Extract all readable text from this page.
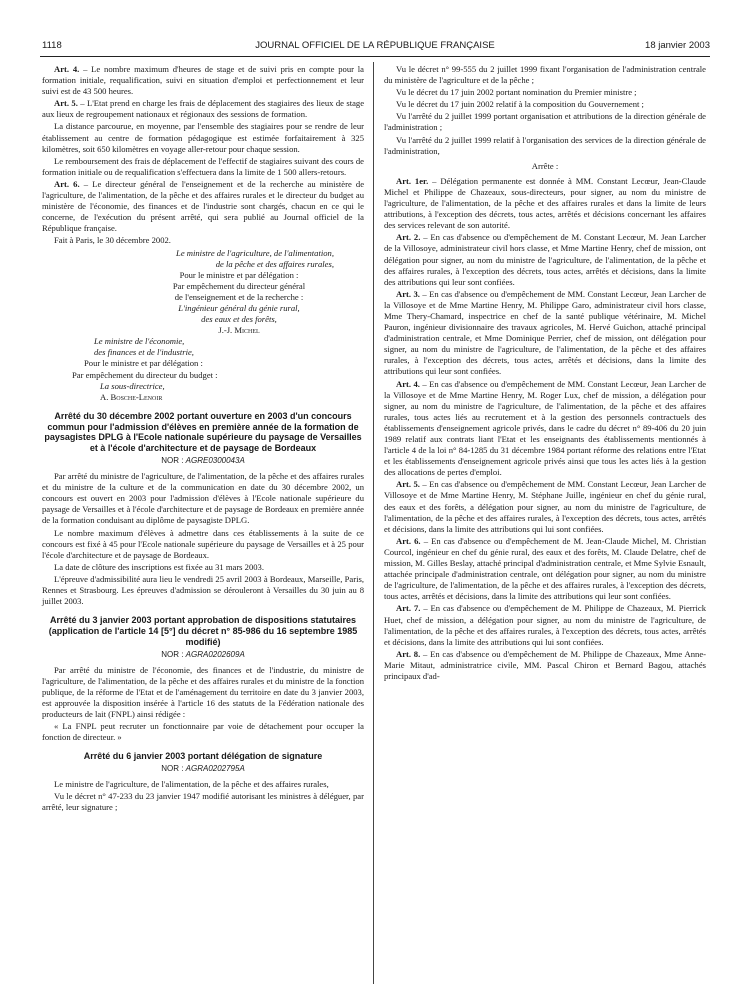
1118	JOURNAL OFFICIEL DE LA RÉPUBLIQUE FRANÇAISE	18 janvier 2003

Art. 4. – Le nombre maximum d'heures de stage et de suivi pris en compte pour la formation initiale, requalification, suivi en situation d'emploi et perfectionnement et leur suivi est de 43 500 heures.

Art. 5. – L'Etat prend en charge les frais de déplacement des stagiaires des lieux de stage aux lieux de regroupement nationaux et régionaux des sessions de formation.

La distance parcourue, en moyenne, par l'ensemble des stagiaires pour se rendre de leur établissement au centre de formation pédagogique est estimée forfaitairement à 325 kilomètres, soit 650 kilomètres en voyage aller-retour pour chaque session.

Le remboursement des frais de déplacement de l'effectif de stagiaires suivant des cours de formation initiale ou de requalification s'effectuera dans la limite de 1 500 allers-retours.

Art. 6. – Le directeur général de l'enseignement et de la recherche au ministère de l'agriculture, de l'alimentation, de la pêche et des affaires rurales et le directeur du budget au ministère de l'économie, des finances et de l'industrie sont chargés, chacun en ce qui le concerne, de l'exécution du présent arrêté, qui sera publié au Journal officiel de la République française.

Fait à Paris, le 30 décembre 2002.

Le ministre de l'agriculture, de l'alimentation,

de la pêche et des affaires rurales,

Pour le ministre et par délégation :

Par empêchement du directeur général

de l'enseignement et de la recherche :

L'ingénieur général du génie rural,

des eaux et des forêts,

J.-J. Michel

Le ministre de l'économie,

des finances et de l'industrie,

Pour le ministre et par délégation :

Par empêchement du directeur du budget :

La sous-directrice,

A. Bosche-Lenoir

Arrêté du 30 décembre 2002 portant ouverture en 2003 d'un concours commun pour l'admission d'élèves en première année de la formation de paysagistes DPLG à l'Ecole nationale supérieure du paysage de Versailles et à l'école d'architecture et de paysage de Bordeaux
NOR : AGRE0300043A

Par arrêté du ministre de l'agriculture, de l'alimentation, de la pêche et des affaires rurales et du ministre de la culture et de la communication en date du 30 décembre 2002, un concours est ouvert en 2003 pour l'admission d'élèves à l'Ecole nationale supérieure du paysage de Versailles et à l'école d'architecture et de paysage de Bordeaux en première année de la formation conduisant au diplôme de paysagiste DPLG.

Le nombre maximum d'élèves à admettre dans ces établissements à la suite de ce concours est fixé à 45 pour l'Ecole nationale supérieure du paysage de Versailles et à 25 pour l'école d'architecture et de paysage de Bordeaux.

La date de clôture des inscriptions est fixée au 31 mars 2003.

L'épreuve d'admissibilité aura lieu le vendredi 25 avril 2003 à Bordeaux, Marseille, Paris, Rennes et Strasbourg. Les épreuves d'admission se dérouleront à Versailles du 30 juin au 8 juillet 2003.

Arrêté du 3 janvier 2003 portant approbation de dispositions statutaires (application de l'article 14 [5°] du décret n° 85-986 du 16 septembre 1985 modifié)
NOR : AGRA0202609A

Par arrêté du ministre de l'économie, des finances et de l'industrie, du ministre de l'agriculture, de l'alimentation, de la pêche et des affaires rurales et du ministre de la fonction publique, de la réforme de l'Etat et de l'aménagement du territoire en date du 3 janvier 2003, est approuvée la disposition insérée à l'article 16 des statuts de la Fédération nationale des producteurs de lait (FNPL) ainsi rédigée :

« La FNPL peut recruter un fonctionnaire par voie de détachement pour occuper la fonction de directeur. »

Arrêté du 6 janvier 2003 portant délégation de signature
NOR : AGRA0202795A

Le ministre de l'agriculture, de l'alimentation, de la pêche et des affaires rurales,

Vu le décret n° 47-233 du 23 janvier 1947 modifié autorisant les ministres à déléguer, par arrêté, leur signature ;

Vu le décret n° 99-555 du 2 juillet 1999 fixant l'organisation de l'administration centrale du ministère de l'agriculture et de la pêche ;

Vu le décret du 17 juin 2002 portant nomination du Premier ministre ;

Vu le décret du 17 juin 2002 relatif à la composition du Gouvernement ;

Vu l'arrêté du 2 juillet 1999 portant organisation et attributions de la direction générale de l'administration ;

Vu l'arrêté du 2 juillet 1999 relatif à l'organisation des services de la direction générale de l'administration,

Arrête :

Art. 1er. – Délégation permanente est donnée à MM. Constant Lecœur, Jean-Claude Michel et Philippe de Chazeaux, sous-directeurs, pour signer, au nom du ministre de l'agriculture, de l'alimentation, de la pêche et des affaires rurales et dans la limite de leurs attributions, à l'exception des décrets, tous actes, arrêtés et décisions concernant les affaires des services relevant de son autorité.

Art. 2. – En cas d'absence ou d'empêchement de M. Constant Lecœur, M. Jean Larcher de la Villosoye, administrateur civil hors classe, et Mme Martine Henry, chef de mission, ont délégation pour signer, au nom du ministre de l'agriculture, de l'alimentation, de la pêche et des affaires rurales, à l'exception des décrets, tous actes, arrêtés et décisions, dans la limite des attributions qui leur sont confiées.

Art. 3. – En cas d'absence ou d'empêchement de MM. Constant Lecœur, Jean Larcher de la Villosoye et de Mme Martine Henry, M. Philippe Garo, administrateur civil hors classe, Mme Thery-Chamard, inspectrice en chef de la santé publique vétérinaire, M. Michel Pauron, ingénieur divisionnaire des travaux agricoles, M. Hervé Guichon, attaché principal d'administration centrale, et Mme Dominique Perrier, chef de mission, ont délégation pour signer, au nom du ministre de l'agriculture, de l'alimentation, de la pêche et des affaires rurales, à l'exception des décrets, tous actes, arrêtés et décisions, dans la limite des attributions qui leur sont confiées.

Art. 4. – En cas d'absence ou d'empêchement de MM. Constant Lecœur, Jean Larcher de la Villosoye et de Mme Martine Henry, M. Roger Lux, chef de mission, a délégation pour signer, au nom du ministre de l'agriculture, de l'alimentation, de la pêche et des affaires rurales, tous actes liés au recrutement et à la gestion des personnels contractuels des établissements d'enseignement agricole privés, dans le cadre du décret n° 89-406 du 20 juin 1989 relatif aux contrats liant l'Etat et les enseignants des établissements mentionnés à l'article 4 de la loi n° 84-1285 du 31 décembre 1984 portant réforme des relations entre l'Etat et les établissements d'enseignement agricole privés ainsi que tous les actes liés à la gestion des allocations de pertes d'emploi.

Art. 5. – En cas d'absence ou d'empêchement de MM. Constant Lecœur, Jean Larcher de Villosoye et de Mme Martine Henry, M. Stéphane Juille, ingénieur en chef du génie rural, des eaux et des forêts, a délégation pour signer, au nom du ministre de l'agriculture, de l'alimentation, de la pêche et des affaires rurales, à l'exception des décrets, tous actes, arrêtés et décisions, dans la limite des attributions qui lui sont confiées.

Art. 6. – En cas d'absence ou d'empêchement de M. Jean-Claude Michel, M. Christian Courcol, ingénieur en chef du génie rural, des eaux et des forêts, M. Claude Delatre, chef de mission, M. Gilles Beslay, attaché principal d'administration centrale, et Mme Sylvie Esnault, attachée principale d'administration centrale, ont délégation pour signer, au nom du ministre de l'agriculture, de l'alimentation, de la pêche et des affaires rurales, à l'exception des décrets, tous actes, arrêtés et décisions, dans la limite des attributions qui leur sont confiées.

Art. 7. – En cas d'absence ou d'empêchement de M. Philippe de Chazeaux, M. Pierrick Huet, chef de mission, a délégation pour signer, au nom du ministre de l'agriculture, de l'alimentation, de la pêche et des affaires rurales, à l'exception des décrets, tous actes, arrêtés et décisions, dans la limite des attributions qui lui sont confiées.

Art. 8. – En cas d'absence ou d'empêchement de M. Philippe de Chazeaux, Mme Anne-Marie Mitaut, administratrice civile, MM. Pascal Chiron et Bernard Bagou, attachés principaux d'ad-
